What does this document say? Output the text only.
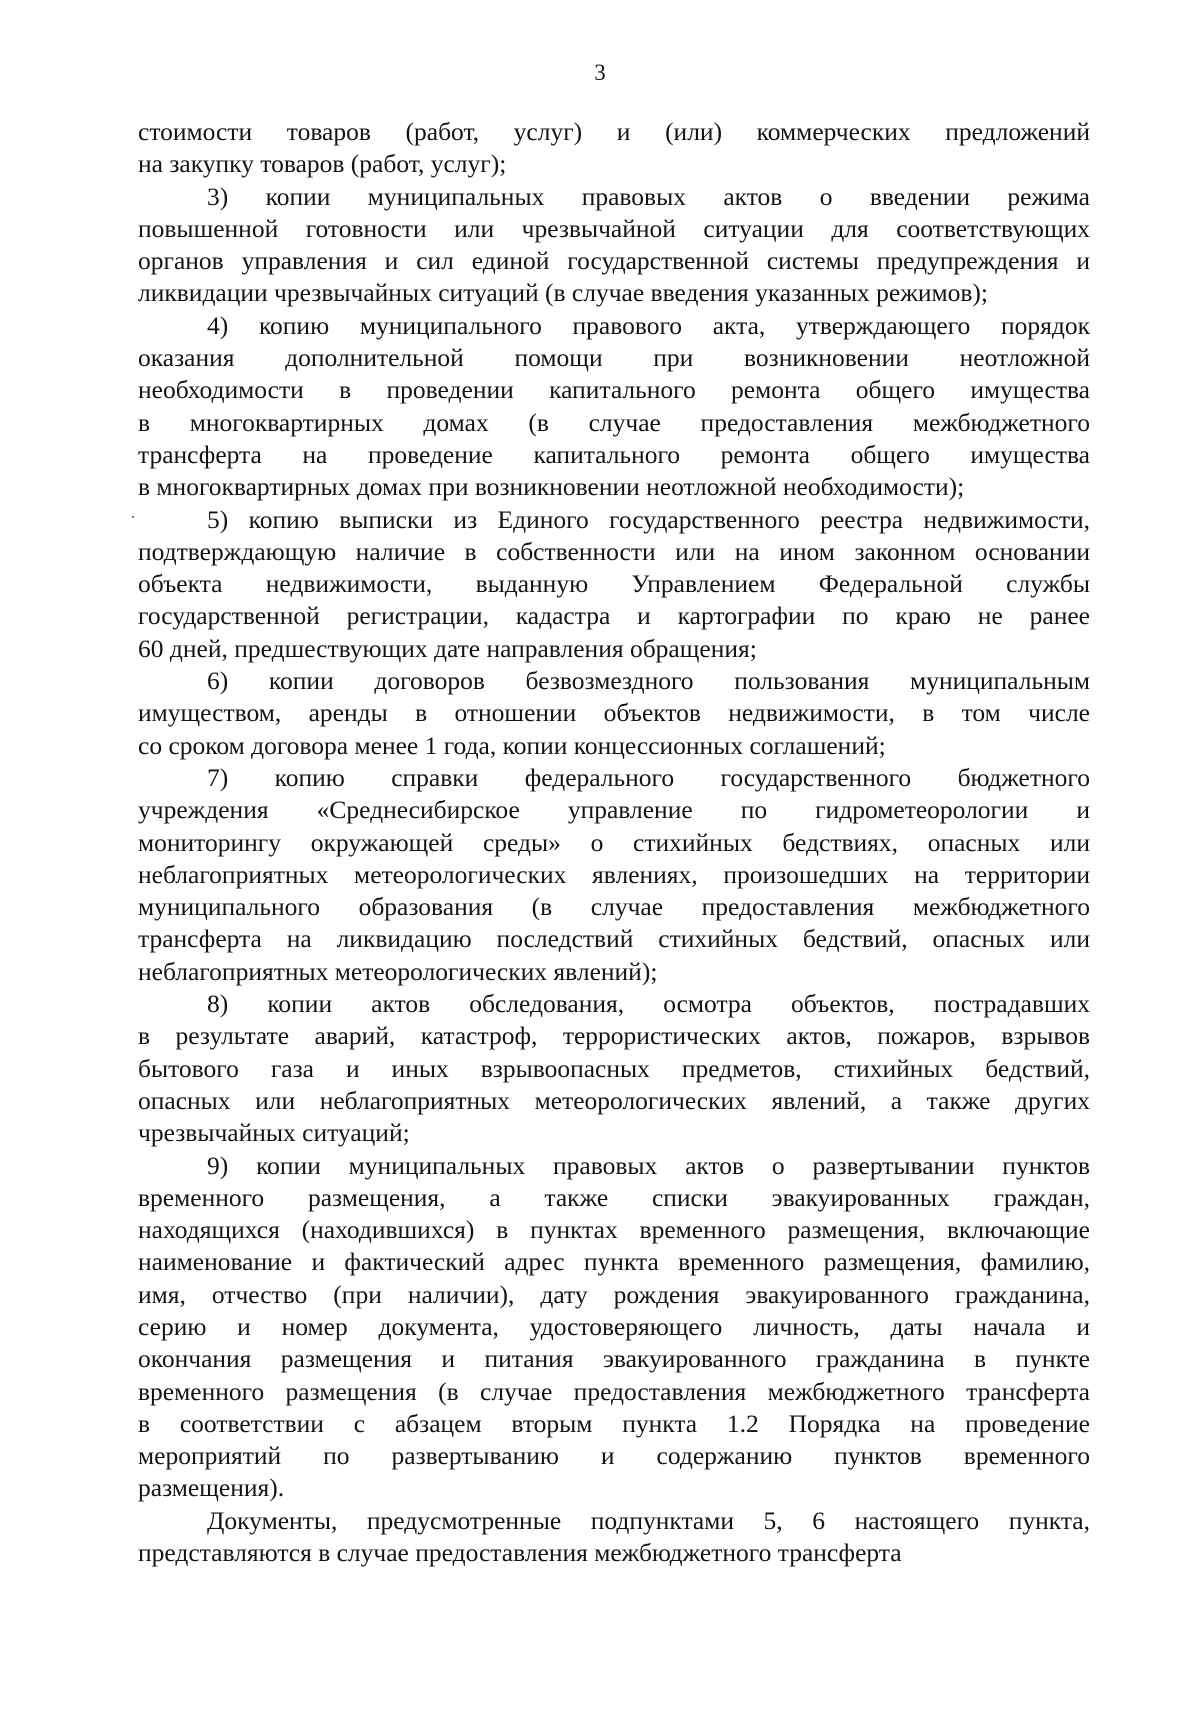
3

стоимости товаров (работ, услуг) и (или) коммерческих предложений
на закупку товаров (работ, услуг);

3) копии муниципальных правовых актов о введении режима
повышенной готовности или чрезвычайной ситуации для соответствующих
органов управления и сил единой государственной системы предупреждения и
ликвидации чрезвычайных ситуаций (в случае введения указанных режимов);

4) копию муниципального правового акта, утверждающего порядок
оказания дополнительной помощи при возникновении неотложной
необходимости в проведении капитального ремонта общего имущества
в многоквартирных домах (в случае предоставления межбюджетного
трансферта на проведение капитального ремонта общего имущества
в многоквартирных домах при возникновении неотложной необходимости);

5) копию выписки из Единого государственного реестра недвижимости,
подтверждающую наличие в собственности или на ином законном основании
объекта недвижимости, выданную Управлением Федеральной службы
государственной регистрации, кадастра и картографии по краю не ранее
60 дней, предшествующих дате направления обращения;

6) копии договоров безвозмездного пользования муниципальным
имуществом, аренды в отношении объектов недвижимости, в том числе
со сроком договора менее 1 года, копии концессионных соглашений;

7) копию справки федерального государственного бюджетного
учреждения «Среднесибирское управление по гидрометеорологии и
мониторингу окружающей среды» о стихийных бедствиях, опасных или
неблагоприятных метеорологических явлениях, произошедших на территории
муниципального образования (в случае предоставления межбюджетного
трансферта на ликвидацию последствий стихийных бедствий, опасных или
неблагоприятных метеорологических явлений);

8) копии актов обследования, осмотра объектов, пострадавших
в результате аварий, катастроф, террористических актов, пожаров, взрывов
бытового газа и иных взрывоопасных предметов, стихийных бедствий,
опасных или неблагоприятных метеорологических явлений, а также других
чрезвычайных ситуаций;

9) копии муниципальных правовых актов о развертывании пунктов
временного размещения, а также списки эвакуированных граждан,
находящихся (находившихся) в пунктах временного размещения, включающие
наименование и фактический адрес пункта временного размещения, фамилию,
имя, отчество (при наличии), дату рождения эвакуированного гражданина,
серию и номер документа, удостоверяющего личность, даты начала и
окончания размещения и питания эвакуированного гражданина в пункте
временного размещения (в случае предоставления межбюджетного трансферта
в соответствии с абзацем вторым пункта 1.2 Порядка на проведение
мероприятий по развертыванию и содержанию пунктов временного
размещения).

Документы, предусмотренные подпунктами 5, 6 настоящего пункта,
представляются в случае предоставления межбюджетного трансферта
